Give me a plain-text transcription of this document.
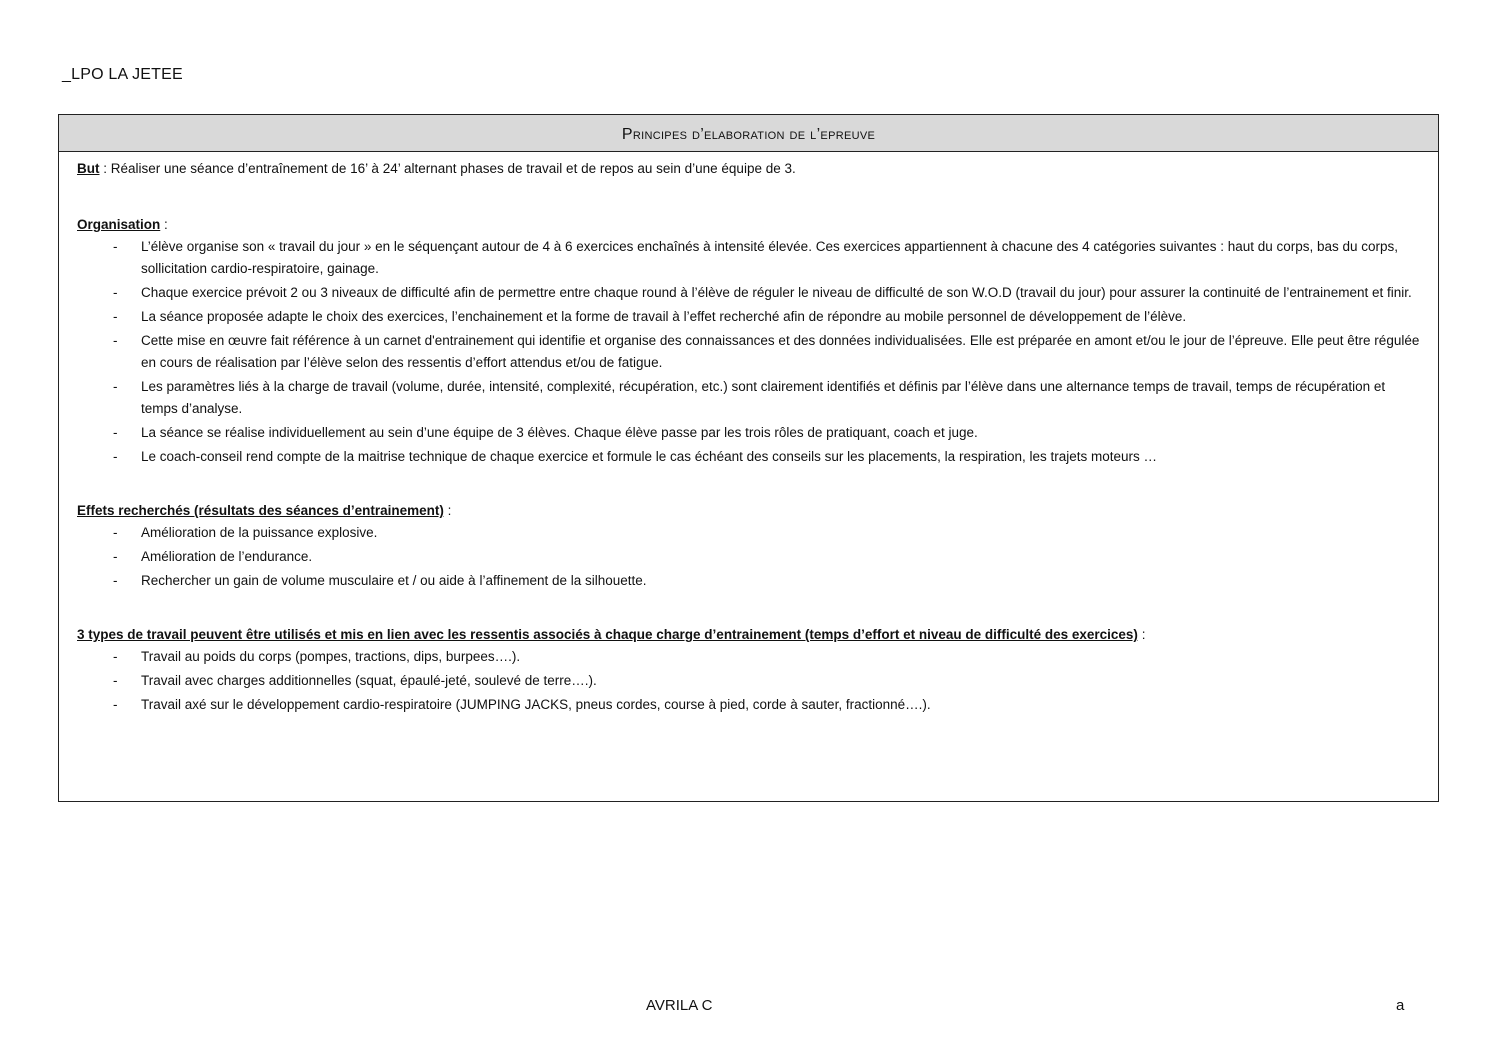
_LPO LA JETEE
Principes d’elaboration de l’epreuve

But : Réaliser une séance d’entraînement de 16’ à 24’ alternant phases de travail et de repos au sein d’une équipe de 3.

Organisation :

- L’élève organise son « travail du jour » en le séquençant autour de 4 à 6 exercices enchaînés à intensité élevée. Ces exercices appartiennent à chacune des 4 catégories suivantes : haut du corps, bas du corps, sollicitation cardio-respiratoire, gainage.
- Chaque exercice prévoit 2 ou 3 niveaux de difficulté afin de permettre entre chaque round à l’élève de réguler le niveau de difficulté de son W.O.D (travail du jour) pour assurer la continuité de l’entrainement et finir.
- La séance proposée adapte le choix des exercices, l’enchainement et la forme de travail à l’effet recherché afin de répondre au mobile personnel de développement de l’élève.
- Cette mise en œuvre fait référence à un carnet d'entrainement qui identifie et organise des connaissances et des données individualisées. Elle est préparée en amont et/ou le jour de l’épreuve. Elle peut être régulée en cours de réalisation par l’élève selon des ressentis d’effort attendus et/ou de fatigue.
- Les paramètres liés à la charge de travail (volume, durée, intensité, complexité, récupération, etc.) sont clairement identifiés et définis par l’élève dans une alternance temps de travail, temps de récupération et temps d’analyse.
- La séance se réalise individuellement au sein d’une équipe de 3 élèves. Chaque élève passe par les trois rôles de pratiquant, coach et juge.
- Le coach-conseil rend compte de la maitrise technique de chaque exercice et formule le cas échéant des conseils sur les placements, la respiration, les trajets moteurs …

Effets recherchés (résultats des séances d’entrainement) :

- Amélioration de la puissance explosive.
- Amélioration de l’endurance.
- Rechercher un gain de volume musculaire et / ou aide à l’affinement de la silhouette.

3 types de travail peuvent être utilisés et mis en lien avec les ressentis associés à chaque charge d’entrainement (temps d’effort et niveau de difficulté des exercices) :

- Travail au poids du corps (pompes, tractions, dips, burpees….).
- Travail avec charges additionnelles (squat, épaulé-jeté, soulevé de terre….).
- Travail axé sur le développement cardio-respiratoire (JUMPING JACKS, pneus cordes, course à pied, corde à sauter, fractionné….).
AVRILA C	a
